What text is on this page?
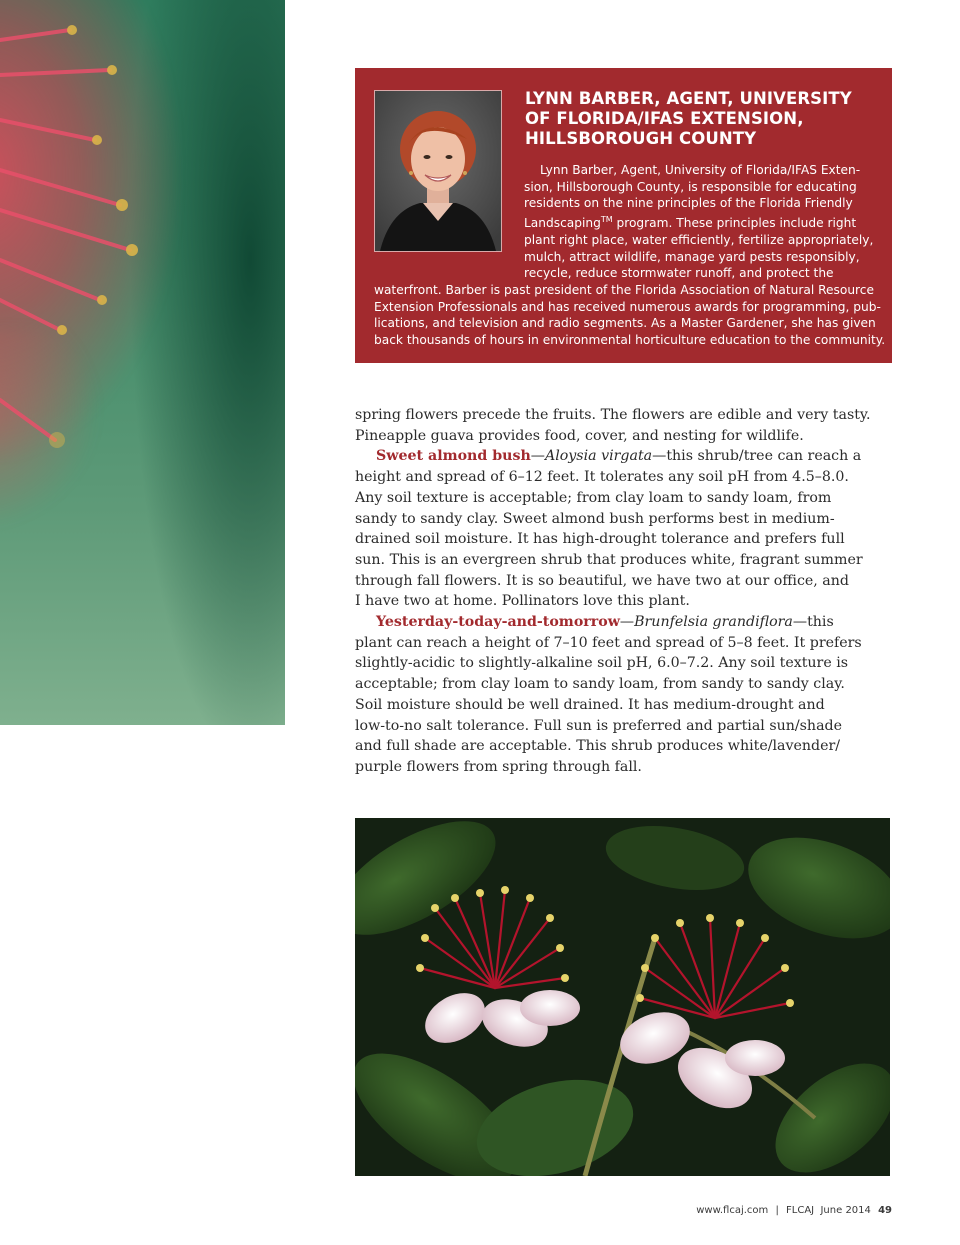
LYNN BARBER, AGENT, UNIVERSITY
OF FLORIDA/IFAS EXTENSION,
HILLSBOROUGH COUNTY
Lynn Barber, Agent, University of Florida/IFAS Exten-
sion, Hillsborough County, is responsible for educating
residents on the nine principles of the Florida Friendly
Landscaping™ program. These principles include right
plant right place, water efficiently, fertilize appropriately,
mulch, attract wildlife, manage yard pests responsibly,
recycle, reduce stormwater runoff, and protect the
waterfront. Barber is past president of the Florida Association of Natural Resource
Extension Professionals and has received numerous awards for programming, pub-
lications, and television and radio segments. As a Master Gardener, she has given
back thousands of hours in environmental horticulture education to the community.
spring flowers precede the fruits. The flowers are edible and very tasty.
Pineapple guava provides food, cover, and nesting for wildlife.
Sweet almond bush—Aloysia virgata—this shrub/tree can reach a
height and spread of 6–12 feet. It tolerates any soil pH from 4.5–8.0.
Any soil texture is acceptable; from clay loam to sandy loam, from
sandy to sandy clay. Sweet almond bush performs best in medium-
drained soil moisture. It has high-drought tolerance and prefers full
sun. This is an evergreen shrub that produces white, fragrant summer
through fall flowers. It is so beautiful, we have two at our office, and
I have two at home. Pollinators love this plant.
Yesterday-today-and-tomorrow—Brunfelsia grandiflora—this
plant can reach a height of 7–10 feet and spread of 5–8 feet. It prefers
slightly-acidic to slightly-alkaline soil pH, 6.0–7.2. Any soil texture is
acceptable; from clay loam to sandy loam, from sandy to sandy clay.
Soil moisture should be well drained. It has medium-drought and
low-to-no salt tolerance. Full sun is preferred and partial sun/shade
and full shade are acceptable. This shrub produces white/lavender/
purple flowers from spring through fall.
www.flcaj.com | FLCAJ  June 2014 49
